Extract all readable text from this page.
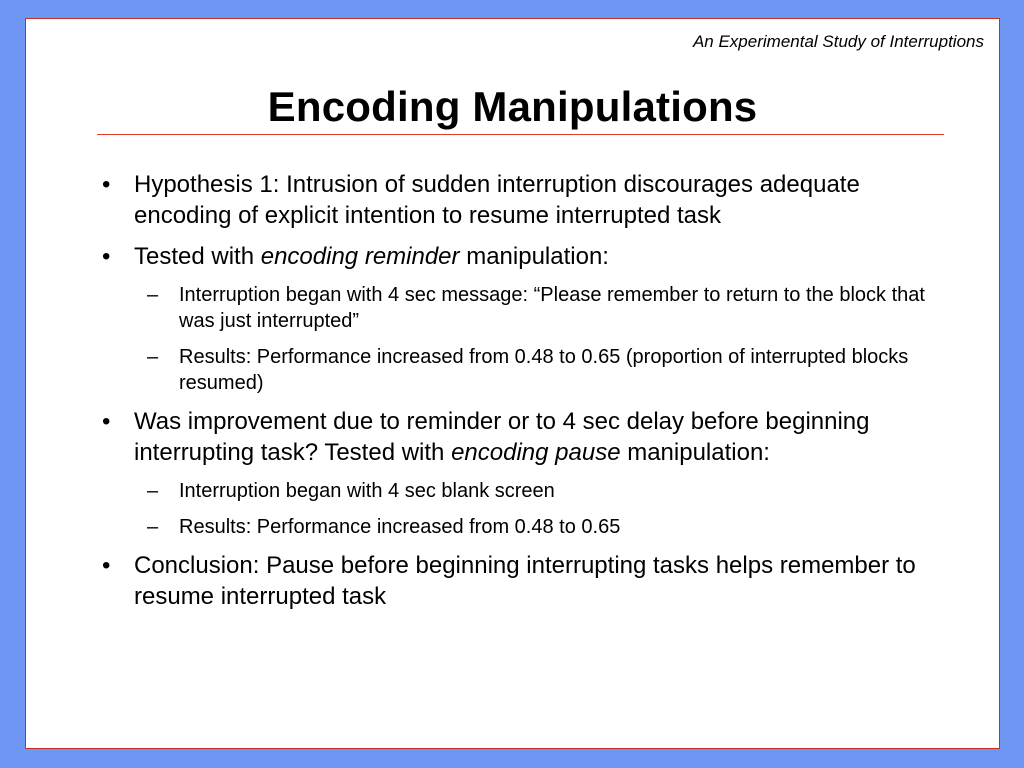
An Experimental Study of Interruptions
Encoding Manipulations
• Hypothesis 1: Intrusion of sudden interruption discourages adequate encoding of explicit intention to resume interrupted task
• Tested with encoding reminder manipulation:
– Interruption began with 4 sec message: “Please remember to return to the block that was just interrupted”
– Results: Performance increased from 0.48 to 0.65 (proportion of interrupted blocks resumed)
• Was improvement due to reminder or to 4 sec delay before beginning interrupting task? Tested with encoding pause manipulation:
– Interruption began with 4 sec blank screen
– Results: Performance increased from 0.48 to 0.65
• Conclusion: Pause before beginning interrupting tasks helps remember to resume interrupted task
